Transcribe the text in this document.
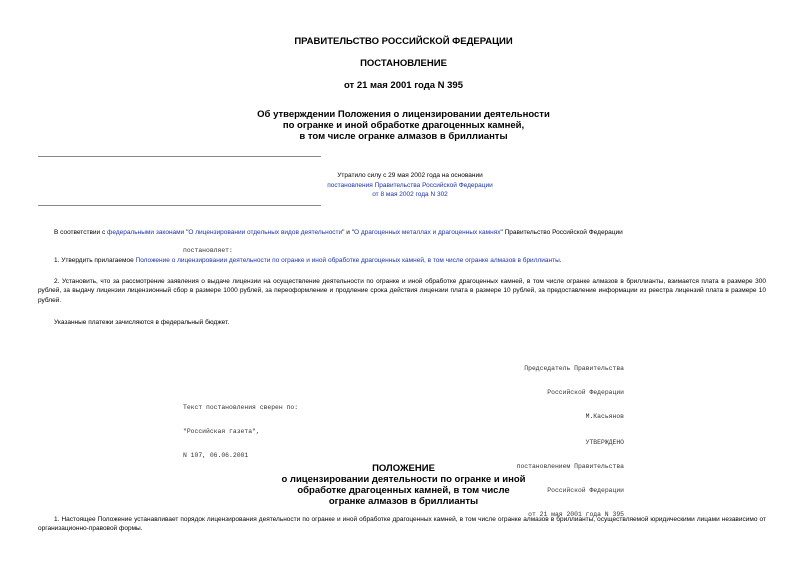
ПРАВИТЕЛЬСТВО РОССИЙСКОЙ ФЕДЕРАЦИИ
ПОСТАНОВЛЕНИЕ
от 21 мая 2001 года N 395
Об утверждении Положения о лицензировании деятельности
по огранке и иной обработке драгоценных камней,
в том числе огранке алмазов в бриллианты
Утратило силу с 29 мая 2002 года на основании
постановления Правительства Российской Федерации
от 8 мая 2002 года N 302
В соответствии с федеральными законами "О лицензировании отдельных видов деятельности" и "О драгоценных металлах и драгоценных камнях" Правительство Российской Федерации
постановляет:
1. Утвердить прилагаемое Положение о лицензировании деятельности по огранке и иной обработке драгоценных камней, в том числе огранке алмазов в бриллианты.
2. Установить, что за рассмотрение заявления о выдаче лицензии на осуществление деятельности по огранке и иной обработке драгоценных камней, в том числе огранке алмазов в бриллианты, взимается плата в размере 300 рублей, за выдачу лицензии лицензионный сбор в размере 1000 рублей, за переоформление и продление срока действия лицензии плата в размере 10 рублей, за предоставление информации из реестра лицензий плата в размере 10 рублей.
Указанные платежи зачисляются в федеральный бюджет.

Председатель Правительства

Российской Федерации

М.Касьянов

Текст постановления сверен по:

"Российская газета",

N 107, 06.06.2001

УТВЕРЖДЕНО

постановлением Правительства

Российской Федерации

от 21 мая 2001 года N 395

ПОЛОЖЕНИЕ
о лицензировании деятельности по огранке и иной
обработке драгоценных камней, в том числе
огранке алмазов в бриллианты
1. Настоящее Положение устанавливает порядок лицензирования деятельности по огранке и иной обработке драгоценных камней, в том числе огранке алмазов в бриллианты, осуществляемой юридическими лицами независимо от организационно-правовой формы.
